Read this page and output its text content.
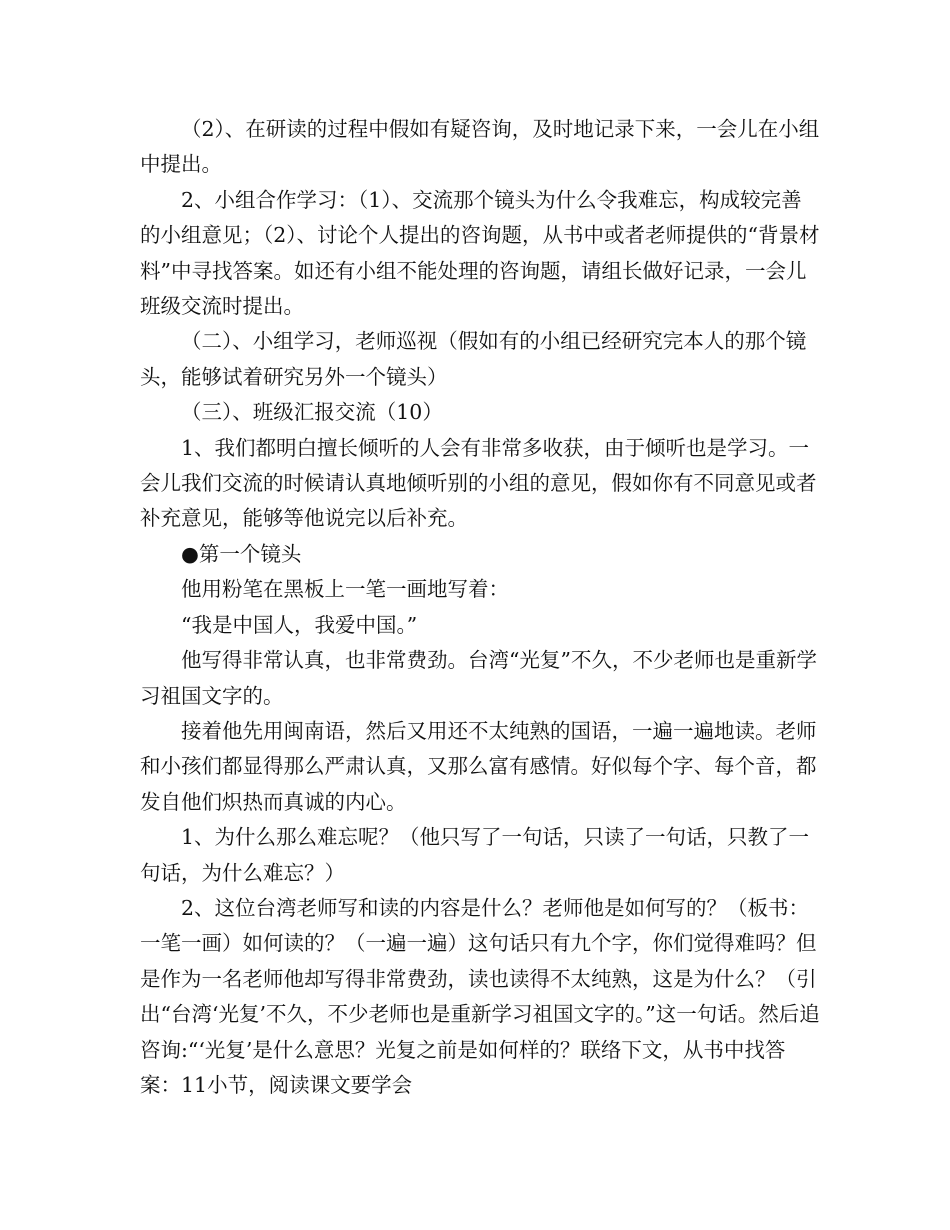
（2）、在研读的过程中假如有疑咨询，及时地记录下来，一会儿在小组中提出。

2、小组合作学习：（1）、交流那个镜头为什么令我难忘，构成较完善的小组意见；（2）、讨论个人提出的咨询题，从书中或者老师提供的“背景材料”中寻找答案。如还有小组不能处理的咨询题，请组长做好记录，一会儿班级交流时提出。

（二）、小组学习，老师巡视（假如有的小组已经研究完本人的那个镜头，能够试着研究另外一个镜头）

（三）、班级汇报交流（10）

1、我们都明白擅长倾听的人会有非常多收获，由于倾听也是学习。一会儿我们交流的时候请认真地倾听别的小组的意见，假如你有不同意见或者补充意见，能够等他说完以后补充。

●第一个镜头

他用粉笔在黑板上一笔一画地写着：

“我是中国人，我爱中国。”

他写得非常认真，也非常费劲。台湾“光复”不久，不少老师也是重新学习祖国文字的。

接着他先用闽南语，然后又用还不太纯熟的国语，一遍一遍地读。老师和小孩们都显得那么严肃认真，又那么富有感情。好似每个字、每个音，都发自他们炽热而真诚的内心。

1、为什么那么难忘呢？（他只写了一句话，只读了一句话，只教了一句话，为什么难忘？）

2、这位台湾老师写和读的内容是什么？老师他是如何写的？（板书：一笔一画）如何读的？（一遍一遍）这句话只有九个字，你们觉得难吗？但是作为一名老师他却写得非常费劲，读也读得不太纯熟，这是为什么？（引出“台湾‘光复’不久，不少老师也是重新学习祖国文字的。”这一句话。然后追咨询:“‘光复’是什么意思？光复之前是如何样的？联络下文，从书中找答案：11小节，阅读课文要学会
